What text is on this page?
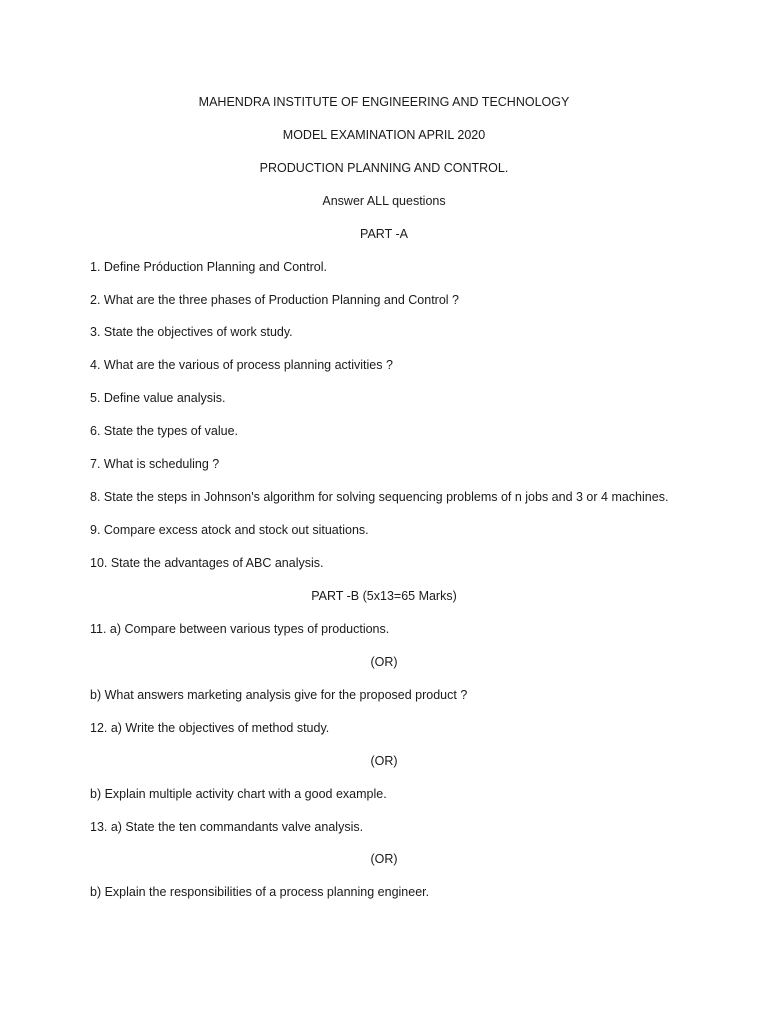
MAHENDRA INSTITUTE OF ENGINEERING AND TECHNOLOGY
MODEL EXAMINATION APRIL 2020
PRODUCTION PLANNING AND CONTROL.
Answer ALL questions
PART -A
1. Define Próduction Planning and Control.
2. What are the three phases of Production Planning and Control ?
3. State the objectives of work study.
4. What are the various of process planning activities ?
5. Define value analysis.
6. State the types of value.
7. What is scheduling ?
8. State the steps in Johnson's algorithm for solving sequencing problems of n jobs and 3 or 4 machines.
9. Compare excess atock and stock out situations.
10. State the advantages of ABC analysis.
PART -B (5x13=65 Marks)
11. a) Compare between various types of productions.
(OR)
b) What answers marketing analysis give for the proposed product ?
12. a) Write the objectives of method study.
(OR)
b) Explain multiple activity chart with a good example.
13. a) State the ten commandants valve analysis.
(OR)
b) Explain the responsibilities of a process planning engineer.
